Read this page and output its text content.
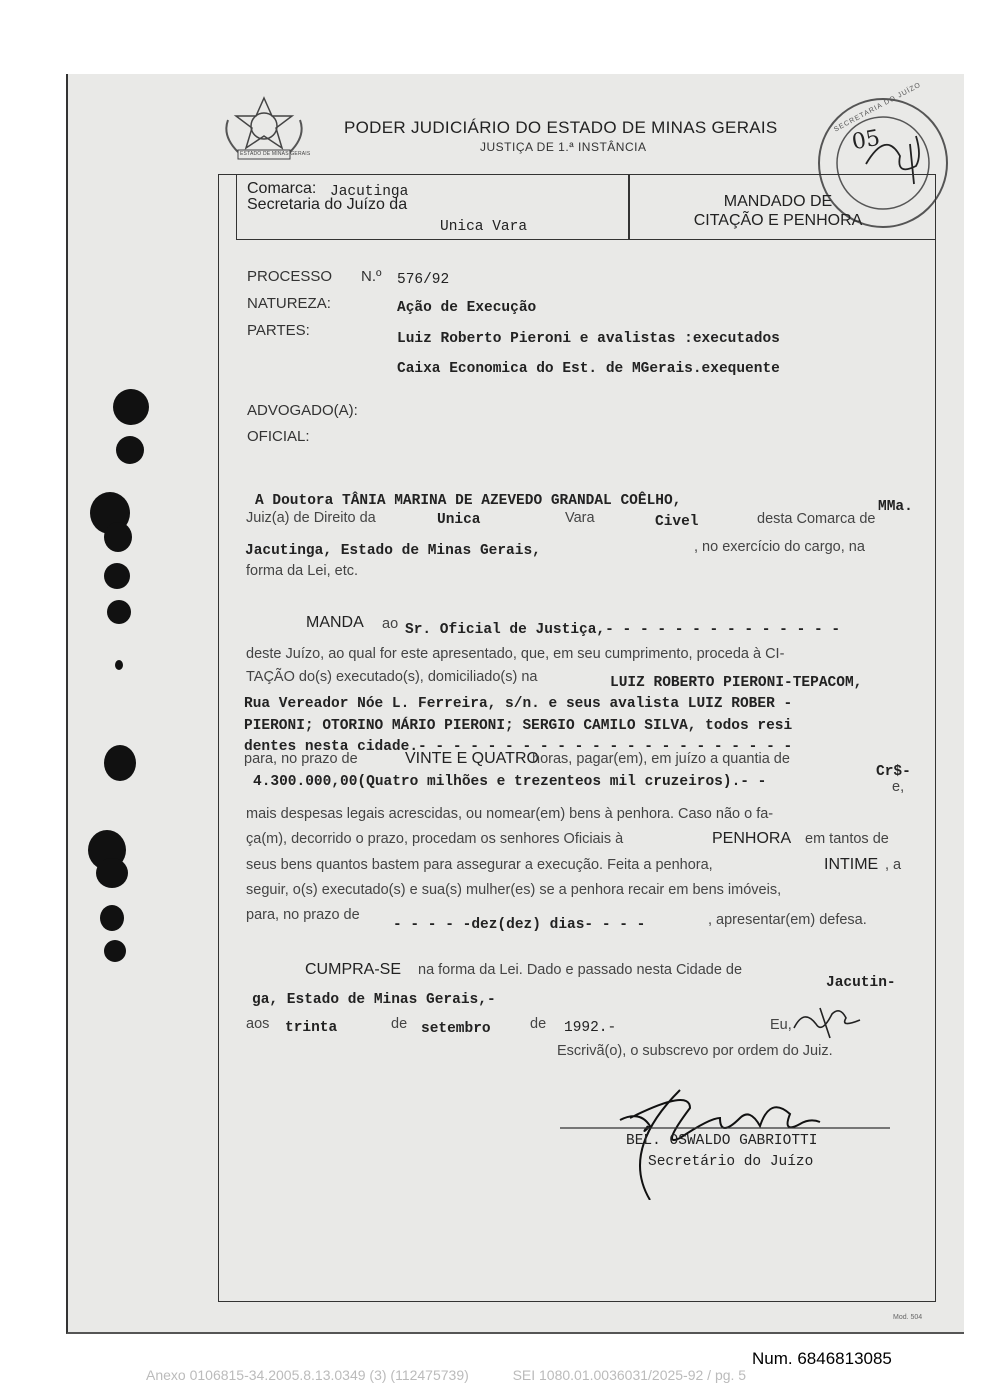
ESTADO DE MINAS GERAIS
PODER JUDICIÁRIO DO ESTADO DE MINAS GERAIS
JUSTIÇA DE 1.ª INSTÂNCIA	05
SECRETARIA DO JUÍZO
Comarca: Jacutinga
Secretaria do Juízo da
Unica Vara
MANDADO DE
CITAÇÃO E PENHORA
PROCESSO N.º 576/92
NATUREZA:	Ação de Execução
PARTES:	Luiz Roberto Pieroni e avalistas :executados
Caixa Economica do Est. de MGerais.exequente
ADVOGADO(A):
OFICIAL:
A Doutora TÂNIA MARINA DE AZEVEDO GRANDAL COÊLHO,	MMa.
Juiz(a) de Direito da	Unica	Vara	Civel	desta Comarca de
Jacutinga, Estado de Minas Gerais,	, no exercício do cargo, na
forma da Lei, etc.
MANDA ao Sr. Oficial de Justiça,- - - - - - - - - - - - - -
deste Juízo, ao qual for este apresentado, que, em seu cumprimento, proceda à CI-
TAÇÃO do(s) executado(s), domiciliado(s) na	LUIZ ROBERTO PIERONI-TEPACOM,
Rua Vereador Nóe L. Ferreira, s/n. e seus avalista LUIZ ROBER -
PIERONI; OTORINO MÁRIO PIERONI; SERGIO CAMILO SILVA, todos resi
dentes nesta cidade.- - - - - - - - - - - - - - - - - - - - - -
para, no prazo de	VINTE E QUATRO
horas, pagar(em), em juízo a quantia de
Cr$-
4.300.000,00(Quatro milhões e trezenteos mil cruzeiros).- -	e,
mais despesas legais acrescidas, ou nomear(em) bens à penhora. Caso não o fa-
ça(m), decorrido o prazo, procedam os senhores Oficiais à	PENHORA em tantos de
seus bens quantos bastem para assegurar a execução. Feita a penhora,	INTIME , a
seguir, o(s) executado(s) e sua(s) mulher(es) se a penhora recair em bens imóveis,
para, no prazo de
- - - - -dez(dez) dias- - - -	, apresentar(em) defesa.
CUMPRA-SE na forma da Lei. Dado e passado nesta Cidade de
Jacutin-
ga, Estado de Minas Gerais,-
aos trinta	de setembro	de 1992.-	Eu,
Escrivã(o), o subscrevo por ordem do Juiz.
BEL. OSWALDO GABRIOTTI
Secretário do Juízo
Mod. 504
Num. 6846813085
Anexo 0106815-34.2005.8.13.0349 (3) (112475739)	SEI 1080.01.0036031/2025-92 / pg. 5
